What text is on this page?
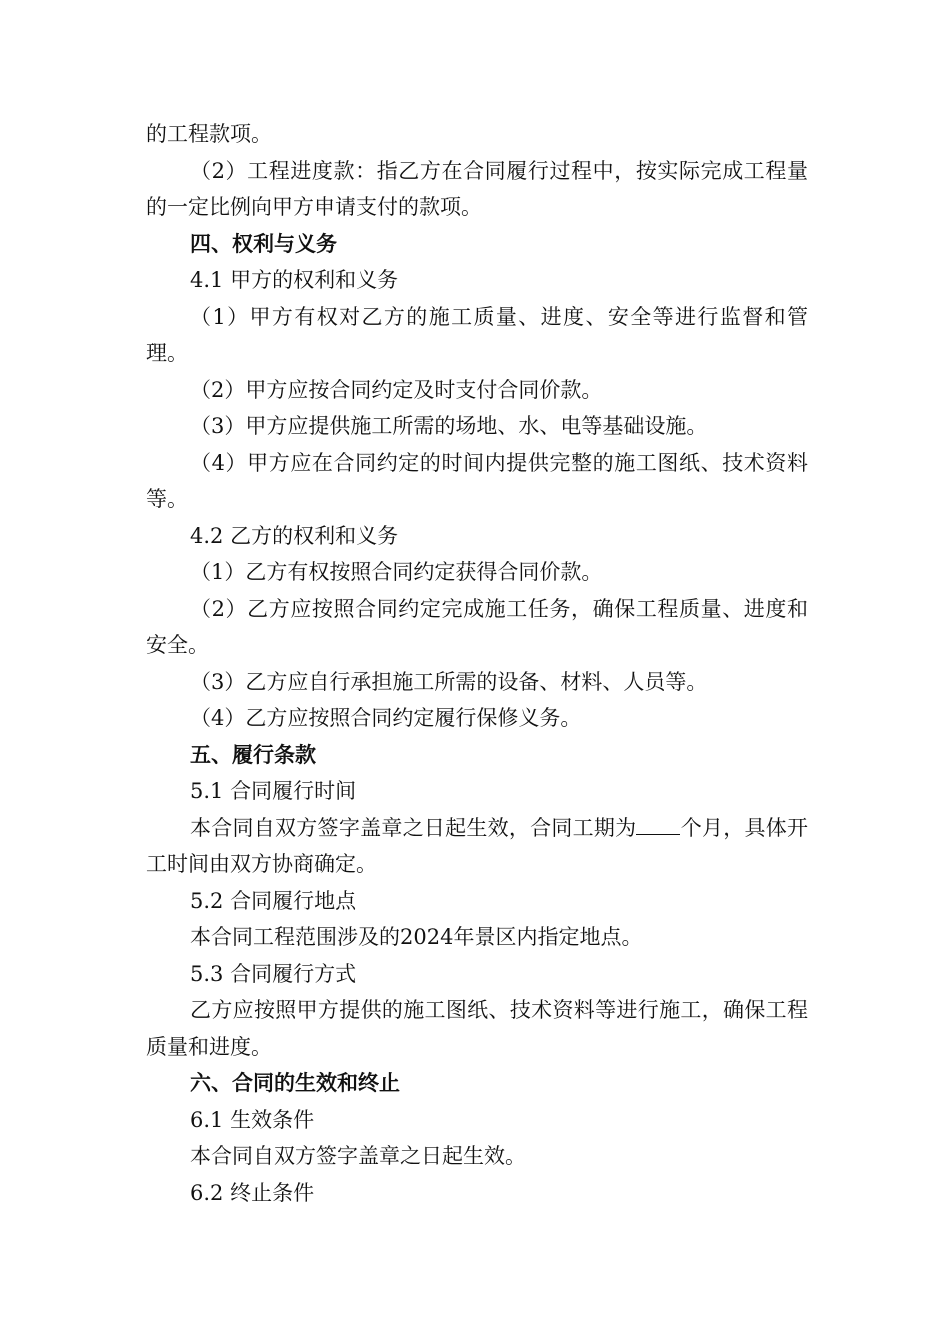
的工程款项。

（2）工程进度款：指乙方在合同履行过程中，按实际完成工程量的一定比例向甲方申请支付的款项。

四、权利与义务

4.1 甲方的权利和义务

（1）甲方有权对乙方的施工质量、进度、安全等进行监督和管理。

（2）甲方应按合同约定及时支付合同价款。

（3）甲方应提供施工所需的场地、水、电等基础设施。

（4）甲方应在合同约定的时间内提供完整的施工图纸、技术资料等。

4.2 乙方的权利和义务

（1）乙方有权按照合同约定获得合同价款。

（2）乙方应按照合同约定完成施工任务，确保工程质量、进度和安全。

（3）乙方应自行承担施工所需的设备、材料、人员等。

（4）乙方应按照合同约定履行保修义务。

五、履行条款

5.1 合同履行时间

本合同自双方签字盖章之日起生效，合同工期为 个月，具体开工时间由双方协商确定。

5.2 合同履行地点

本合同工程范围涉及的2024年景区内指定地点。

5.3 合同履行方式

乙方应按照甲方提供的施工图纸、技术资料等进行施工，确保工程质量和进度。

六、合同的生效和终止

6.1 生效条件

本合同自双方签字盖章之日起生效。

6.2 终止条件
